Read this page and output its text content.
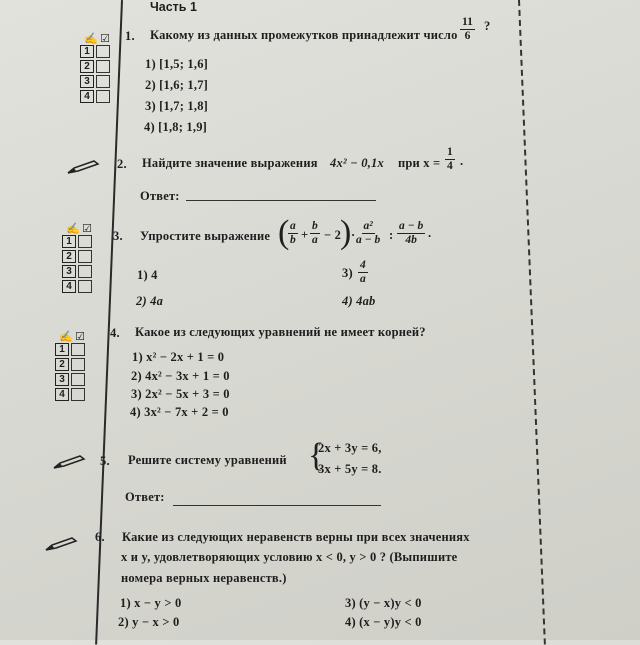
Часть 1
✍ ☑
1
2
3
4
1. Какому из данных промежутков принадлежит число $\frac{11}{6}$ ?
1) [1,5; 1,6]
2) [1,6; 1,7]
3) [1,7; 1,8]
4) [1,8; 1,9]
2. Найдите значение выражения 4x² − 0,1x при $x = \frac{1}{4}$ .
Ответ:
✍ ☑
1
2
3
4
3. Упростите выражение (
$\frac{a}{b} + \frac{b}{a} - 2$
) · $\frac{\text{a²}}{a - b}$ : $\frac{a - b}{4b}$ .
1) 4
2) 4a
$3) \frac{4}{a}$
4) 4ab
✍ ☑
1
2
3
4
4. Какое из следующих уравнений не имеет корней?
1) x² − 2x + 1 = 0
2) 4x² − 3x + 1 = 0
3) 2x² − 5x + 3 = 0
4) 3x² − 7x + 2 = 0
5. Решите систему уравнений {
2x + 3y = 6,
3x + 5y = 8.
Ответ:
6. Какие из следующих неравенств верны при всех значениях
x и y, удовлетворяющих условию x < 0, y > 0 ? (Выпишите
номера верных неравенств.)
1) x − y > 0
2) y − x > 0
3) (y − x)y < 0
4) (x − y)y < 0
